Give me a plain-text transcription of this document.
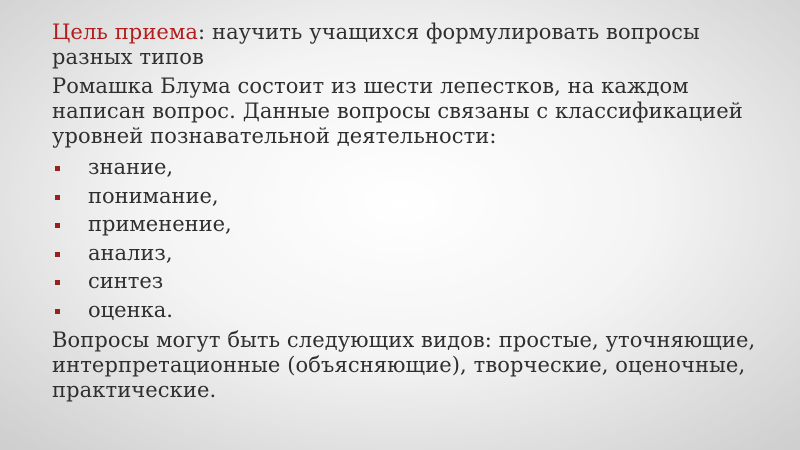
Цель приема: научить учащихся формулировать вопросы разных типов

Ромашка Блума состоит из шести лепестков, на каждом написан вопрос. Данные вопросы связаны с классификацией уровней познавательной деятельности:

знание,
понимание,
применение,
анализ,
синтез
оценка.

Вопросы могут быть следующих видов: простые, уточняющие, интерпретационные (объясняющие), творческие, оценочные, практические.
